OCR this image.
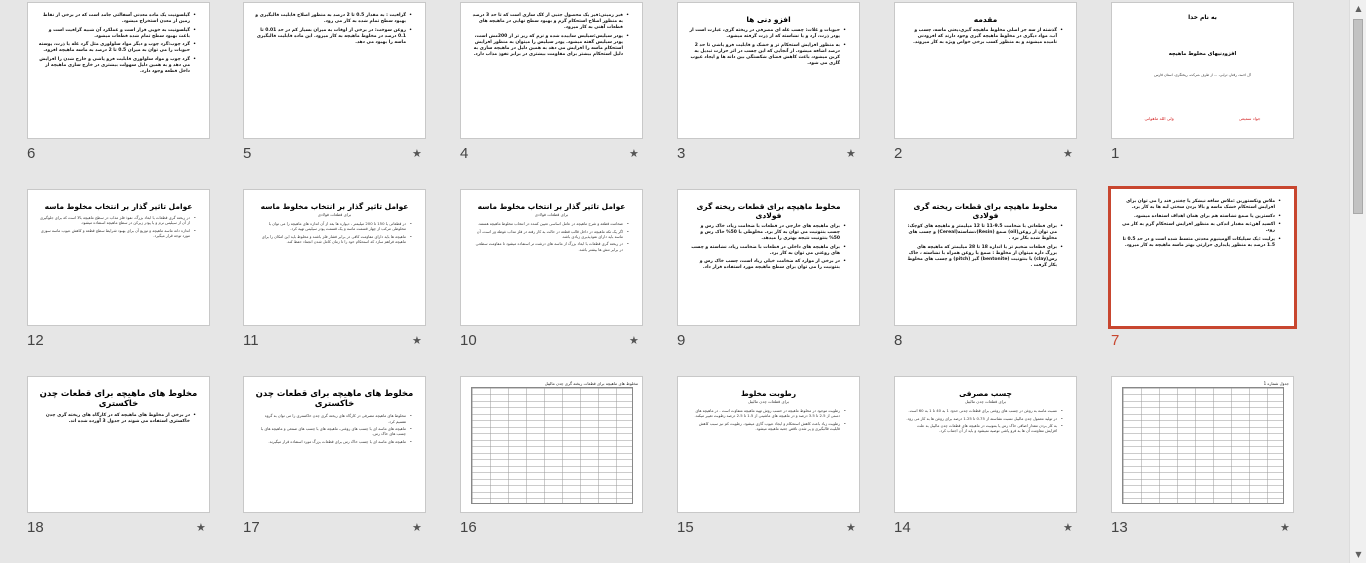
به نام خدا
افزودنیهای مخلوط ماهیچه
آل احمد، رفتار، ترابی، ... از طرف شرکت، ریختگری، استان فارس
جواد سمیعی
ولی الله ماهوانی
1
مقدمه
• گذشته از سه جز اصلی مخلوط ماهیچه گیری،یعنی ماسه، چسب و آب، مواد دیگری در مخلوط ماهیچه گیری وجود دارند که افزودنی نامیده میشوند و به منظور کسب برخی خواص ویژه به کار میروند.
2	★
افزو دنی ها
• حبوبات و غلات: چسب غله ای مصرفی در ریخته گری، عبارت است از پودر ذرت، آرد و یا نشاسته که از ذرت گرفته میشود.
• به منظور افزایش استحکام تر و خشک و قابلیت فرو پاشی تا حد 2 درصد اضافه میشود. از آنجایی که این چسب در اثر حرارت تبدیل به کربن میشود، باعث کاهش فضای شکستگی بین دانه ها و ایجاد عیوب گازی می شود.
3	★
• قیر زمینی:قیر یک محصول جنبی از کک سازی است که تا حد 3 درصد به منظور اصلاح استحکام گرم و بهبود سطح نهایی در ماهیچه های قطعات آهنی به کار میرود.
• پودر سیلیس:سیلیس ساییده شده و نرم که ریز تر از 200مش است، پودر سیلیس گفته میشود. پودر سیلیس را میتوان به منظور افزایش استحکام ماسه را افزایش می دهد به همین دلیل در ماهیچه سازی به دلیل استحکام بیشتر برای مقاومت بیشتری در برابر نفوذ مذاب دارد.
4	★
• گرافیت : به مقدار 0.5 تا 2 درصد به منظور اصلاح قابلیت قالبگیری و بهبود سطح تمام شده به کار می رود.
• روغن سوخت: در برخی از اوقات به میزان بسیار کم در حد 0.01 تا 0.1 درصد در مخلوط ماهیچه به کار میرود. این ماده قابلیت قالبگیری ماسه را بهبود می دهد.
5	★
• گیلسونیت یک ماده معدنی آسفالتی جامد است که در برخی از نقاط زمین از معدن استخراج میشود.
• گیلسونیت به خوبی قرار است و عملکرد آن شبیه گرافیت است و باعث بهبود سطح تمام شده قطعات میشود.
• گرد چوب:گرد چوب و دیگر مواد سلولوزی مثل گرد غله یا ذرت، پوسته حبوبات را می توان به میزان 0.5 تا 2 درصد به ماسه ماهیچه افزود.
• گرد چوب و مواد سلولوزی قابلیت فرو پاشی و خارج شدن را افزایش می دهد و به همین دلیل سهولت بیشتری در خارج سازی ماهیچه از داخل قطعه وجود دارد.
6
• ملاس ونکستورین :ملاس ساقه نیشکر یا چغندر قند را می توان برای افزایش استحکام خشک ماسه و بالا بردن سختی لبه ها به کار برد.
• دکسترین یا صمغ نشاسته هم برای همان اهداف استفاده میشود.
• اکسید آهن:به مقدار اندکی به منظور افزایش استحکام گرم به کار می رود.
• پرلیت :یک سیلیکات آلومینیوم معدنی متسط شده است و در حد 0.5 تا 1.5 درصد به منظور پایداری حرارتی بهتر ماسه ماهیچه به کار میرود.
7
مخلوط ماهیچه برای قطعات ریخته گری فولادی
• برای قطعاتی با ضخامت 9.5-11 تا 12 میلیمتر و ماهیچه های کوچک: می توان از روغن(oil) صمغ (Resin)،نشاسته(Cereal) و چسب های مخلوط شده بکار برد .
• برای قطعات ضخیم تر یا اندازه 18 تا 28 میلیمتر که ماهیچه های بزرگ داره میتوان از مخلوط : صمغ یا روغن همراه با نشاسته ، خاک رس(clay) یا بنتونیت (bentonite) گیر (pitch) و چسب های مخلوط بکار گرفت .
8
مخلوط ماهیچه برای قطعات ریخته گری فولادی
• برای ماهیچه های خارجی در قطعات با ضخامت زیاد، خاک رس و چسب بنتونیت می توان به کار برد. مخلوطی با 50% خاک رس و 50% بنتونیت نتیجه بهتری را میدهد.
• برای ماهیچه های داخلی در قطعات با ضخامت زیاد، نشاسته و چسب های روغنی می توان به کار برد.
• در برخی از موارد که ضخامت خیلی زیاد است، چسب خاک رس و بنتونیت را می توان برای سطح ماهیچه مورد استفاده قرار داد.
9
عوامل تاثیر گذار بر انتخاب مخلوط ماسه
برای قطعات فولادی
• ضخامت قطعه و شرح ماهیچه در عامل اساسی تعیین کننده در انتخاب مخلوط ماهیچه هستند.
• اگر یک تکه ماهیچه در داخل قالب قطعه در حالت به کار رفته در فلز مذاب غوطه ور است، آن ماسه باید دارای نفوذپذیری زیادی باشد.
• در ریخته گری قطعات با ابعاد بزرگ از ماسه های درشت تر استفاده میشود تا مقاومت سطحی در برابر تنش ها بیشتر باشد.
10	★
عوامل تاثیر گذار بر انتخاب مخلوط ماسه
برای قطعات فولادی
• در قطعاتی با 150 تا 200 میلیمتر ، دیواره ها بعد از آن اندازه های ماهیچه را می توان با مخلوطی مرکب از چهار قسمت ماسه و یک قسمت پودر سیلیس تهیه کرد.
• ماهیچه ها باید دارای مقاومت کافی در برابر فشار فلز باشند و مخلوط باید این امکان را برای ماهیچه فراهم سازد که استحکام خود را تا زمان کامل شدن انجماد حفظ کند.
11	★
عوامل تاثیر گذار بر انتخاب مخلوط ماسه
• در ریخته گری قطعات با ابعاد بزرگ، نفوذ فلز مذاب در سطح ماهیچه بالا است که برای جلوگیری از آن از سیلیس نرم و یا پودر زیرکن در سطح ماهیچه استفاده میشود.
• اندازه دانه ماسه ماهیچه و توزیع آن برای بهبود شرایط سطح قطعه و کاهش عیوب ماسه سوزی مورد توجه قرار میگیرد.
12
جدول شماره 1
13	★
چسب مصرفی
برای قطعات چدن مالیبل
• نسبت ماسه به روغن در چسب های روغنی برای قطعات چدنی حدود 1 به 40 تا 1 به 60 است.
• در تولید معمول چدن مالیبل نسبت نشاسته از 0.75 تا 1.25 درصد برای روغن ها به کار می رود.
• به کار بردن مقدار اضافی خاک رس یا بنتونیت در ماهیچه های قطعات چدن مالیبل به علت افزایش مقاومت آن ها به فرو پاشی توصیه نمیشود و باید از آن اجتناب کرد.
14	★
رطوبت مخلوط
برای قطعات چدن مالیبل
• رطوبت موجود در مخلوط ماهیچه در حسب روش تهیه ماهیچه متفاوت است . در ماهیچه های دستی از 2.5 تا 3.5 درصد و در ماهیچه های ماشینی از 1.5 تا 2.5 درصد رطوبت تغییر میکند.
• رطوبت زیاد باعث کاهش استحکام و ایجاد عیوب گازی میشود. رطوبت کم نیز سبب کاهش قابلیت قالبگیری و پر شدن ناقص جعبه ماهیچه میشود.
15	★
مخلوط های ماهیچه برای قطعات ریخته گری چدن مالیبل
16
مخلوط های ماهیچه برای قطعات چدن خاکستری
• مخلوط های ماهیچه مصرفی در کارگاه های ریخته گری چدن خاکستری را می توان به گروه تقسیم کرد.
• ماهیچه های ماسه ای با چسب های روغنی، ماهیچه های با چسب های صمغی و ماهیچه های با چسب های خاک رس.
• ماهیچه های ماسه ای با چسب خاک رس برای قطعات بزرگ مورد استفاده قرار میگیرند.
17	★
مخلوط های ماهیچه برای قطعات چدن خاکستری
• در برخی از مخلوط های ماهیچه که در کارگاه های ریخته گری چدن خاکستری استفاده می شوند در جدول 3 آورده شده اند.
18	★
▲
▼
